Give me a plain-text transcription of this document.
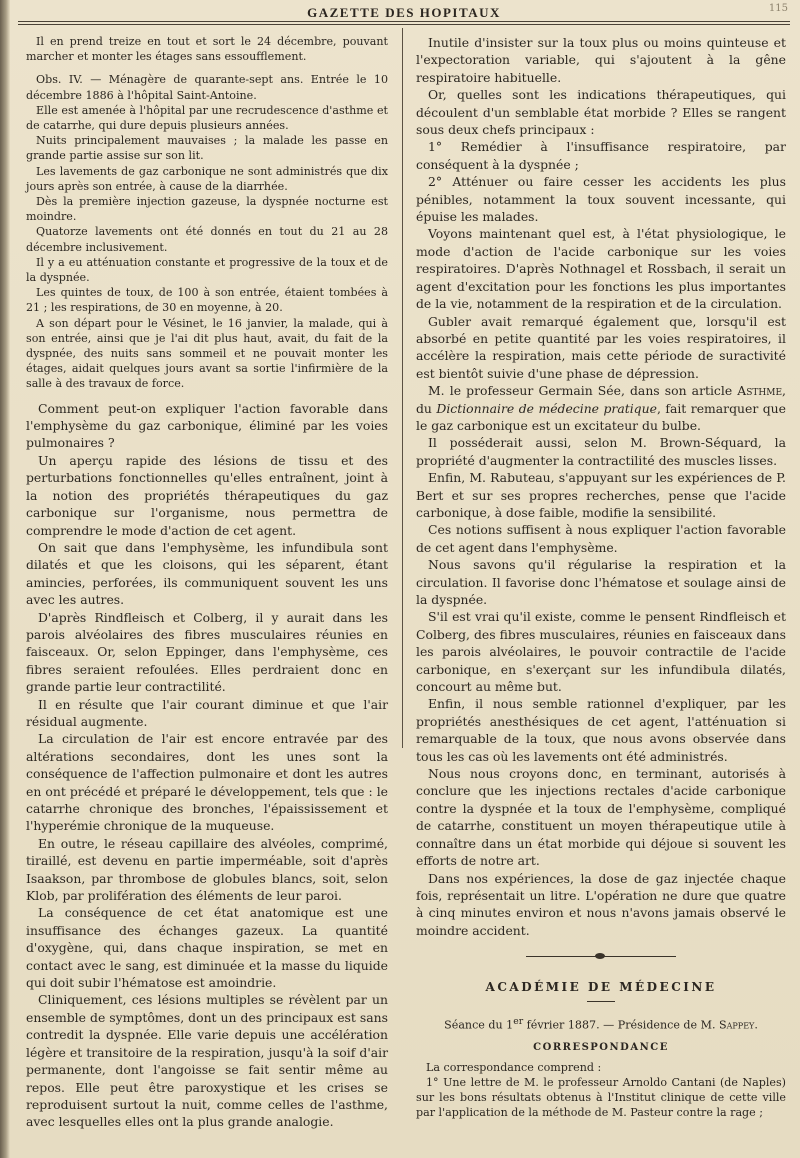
GAZETTE DES HOPITAUX	115

Il en prend treize en tout et sort le 24 décembre, pouvant marcher et monter les étages sans essoufflement.

Obs. IV. — Ménagère de quarante-sept ans. Entrée le 10 décembre 1886 à l'hôpital Saint-Antoine.

Elle est amenée à l'hôpital par une recrudescence d'asthme et de catarrhe, qui dure depuis plusieurs années.

Nuits principalement mauvaises ; la malade les passe en grande partie assise sur son lit.

Les lavements de gaz carbonique ne sont administrés que dix jours après son entrée, à cause de la diarrhée.

Dès la première injection gazeuse, la dyspnée nocturne est moindre.

Quatorze lavements ont été donnés en tout du 21 au 28 décembre inclusivement.

Il y a eu atténuation constante et progressive de la toux et de la dyspnée.

Les quintes de toux, de 100 à son entrée, étaient tombées à 21 ; les respirations, de 30 en moyenne, à 20.

A son départ pour le Vésinet, le 16 janvier, la malade, qui à son entrée, ainsi que je l'ai dit plus haut, avait, du fait de la dyspnée, des nuits sans sommeil et ne pouvait monter les étages, aidait quelques jours avant sa sortie l'infirmière de la salle à des travaux de force.

Comment peut-on expliquer l'action favorable dans l'emphysème du gaz carbonique, éliminé par les voies pulmonaires ?

Un aperçu rapide des lésions de tissu et des perturbations fonctionnelles qu'elles entraînent, joint à la notion des propriétés thérapeutiques du gaz carbonique sur l'organisme, nous permettra de comprendre le mode d'action de cet agent.

On sait que dans l'emphysème, les infundibula sont dilatés et que les cloisons, qui les séparent, étant amincies, perforées, ils communiquent souvent les uns avec les autres.

D'après Rindfleisch et Colberg, il y aurait dans les parois alvéolaires des fibres musculaires réunies en faisceaux. Or, selon Eppinger, dans l'emphysème, ces fibres seraient refoulées. Elles perdraient donc en grande partie leur contractilité.

Il en résulte que l'air courant diminue et que l'air résidual augmente.

La circulation de l'air est encore entravée par des altérations secondaires, dont les unes sont la conséquence de l'affection pulmonaire et dont les autres en ont précédé et préparé le développement, tels que : le catarrhe chronique des bronches, l'épaississement et l'hyperémie chronique de la muqueuse.

En outre, le réseau capillaire des alvéoles, comprimé, tiraillé, est devenu en partie imperméable, soit d'après Isaakson, par thrombose de globules blancs, soit, selon Klob, par prolifération des éléments de leur paroi.

La conséquence de cet état anatomique est une insuffisance des échanges gazeux. La quantité d'oxygène, qui, dans chaque inspiration, se met en contact avec le sang, est diminuée et la masse du liquide qui doit subir l'hématose est amoindrie.

Cliniquement, ces lésions multiples se révèlent par un ensemble de symptômes, dont un des principaux est sans contredit la dyspnée. Elle varie depuis une accélération légère et transitoire de la respiration, jusqu'à la soif d'air permanente, dont l'angoisse se fait sentir même au repos. Elle peut être paroxystique et les crises se reproduisent surtout la nuit, comme celles de l'asthme, avec lesquelles elles ont la plus grande analogie.

Inutile d'insister sur la toux plus ou moins quinteuse et l'expectoration variable, qui s'ajoutent à la gêne respiratoire habituelle.

Or, quelles sont les indications thérapeutiques, qui découlent d'un semblable état morbide ? Elles se rangent sous deux chefs principaux :

1° Remédier à l'insuffisance respiratoire, par conséquent à la dyspnée ;

2° Atténuer ou faire cesser les accidents les plus pénibles, notamment la toux souvent incessante, qui épuise les malades.

Voyons maintenant quel est, à l'état physiologique, le mode d'action de l'acide carbonique sur les voies respiratoires. D'après Nothnagel et Rossbach, il serait un agent d'excitation pour les fonctions les plus importantes de la vie, notamment de la respiration et de la circulation.

Gubler avait remarqué également que, lorsqu'il est absorbé en petite quantité par les voies respiratoires, il accélère la respiration, mais cette période de suractivité est bientôt suivie d'une phase de dépression.

M. le professeur Germain Sée, dans son article Asthme, du Dictionnaire de médecine pratique, fait remarquer que le gaz carbonique est un excitateur du bulbe.

Il posséderait aussi, selon M. Brown-Séquard, la propriété d'augmenter la contractilité des muscles lisses.

Enfin, M. Rabuteau, s'appuyant sur les expériences de P. Bert et sur ses propres recherches, pense que l'acide carbonique, à dose faible, modifie la sensibilité.

Ces notions suffisent à nous expliquer l'action favorable de cet agent dans l'emphysème.

Nous savons qu'il régularise la respiration et la circulation. Il favorise donc l'hématose et soulage ainsi de la dyspnée.

S'il est vrai qu'il existe, comme le pensent Rindfleisch et Colberg, des fibres musculaires, réunies en faisceaux dans les parois alvéolaires, le pouvoir contractile de l'acide carbonique, en s'exerçant sur les infundibula dilatés, concourt au même but.

Enfin, il nous semble rationnel d'expliquer, par les propriétés anesthésiques de cet agent, l'atténuation si remarquable de la toux, que nous avons observée dans tous les cas où les lavements ont été administrés.

Nous nous croyons donc, en terminant, autorisés à conclure que les injections rectales d'acide carbonique contre la dyspnée et la toux de l'emphysème, compliqué de catarrhe, constituent un moyen thérapeutique utile à connaître dans un état morbide qui déjoue si souvent les efforts de notre art.

Dans nos expériences, la dose de gaz injectée chaque fois, représentait un litre. L'opération ne dure que quatre à cinq minutes environ et nous n'avons jamais observé le moindre accident.

ACADÉMIE DE MÉDECINE

Séance du 1er février 1887. — Présidence de M. Sappey.

CORRESPONDANCE

La correspondance comprend :

1° Une lettre de M. le professeur Arnoldo Cantani (de Naples) sur les bons résultats obtenus à l'Institut clinique de cette ville par l'application de la méthode de M. Pasteur contre la rage ;
